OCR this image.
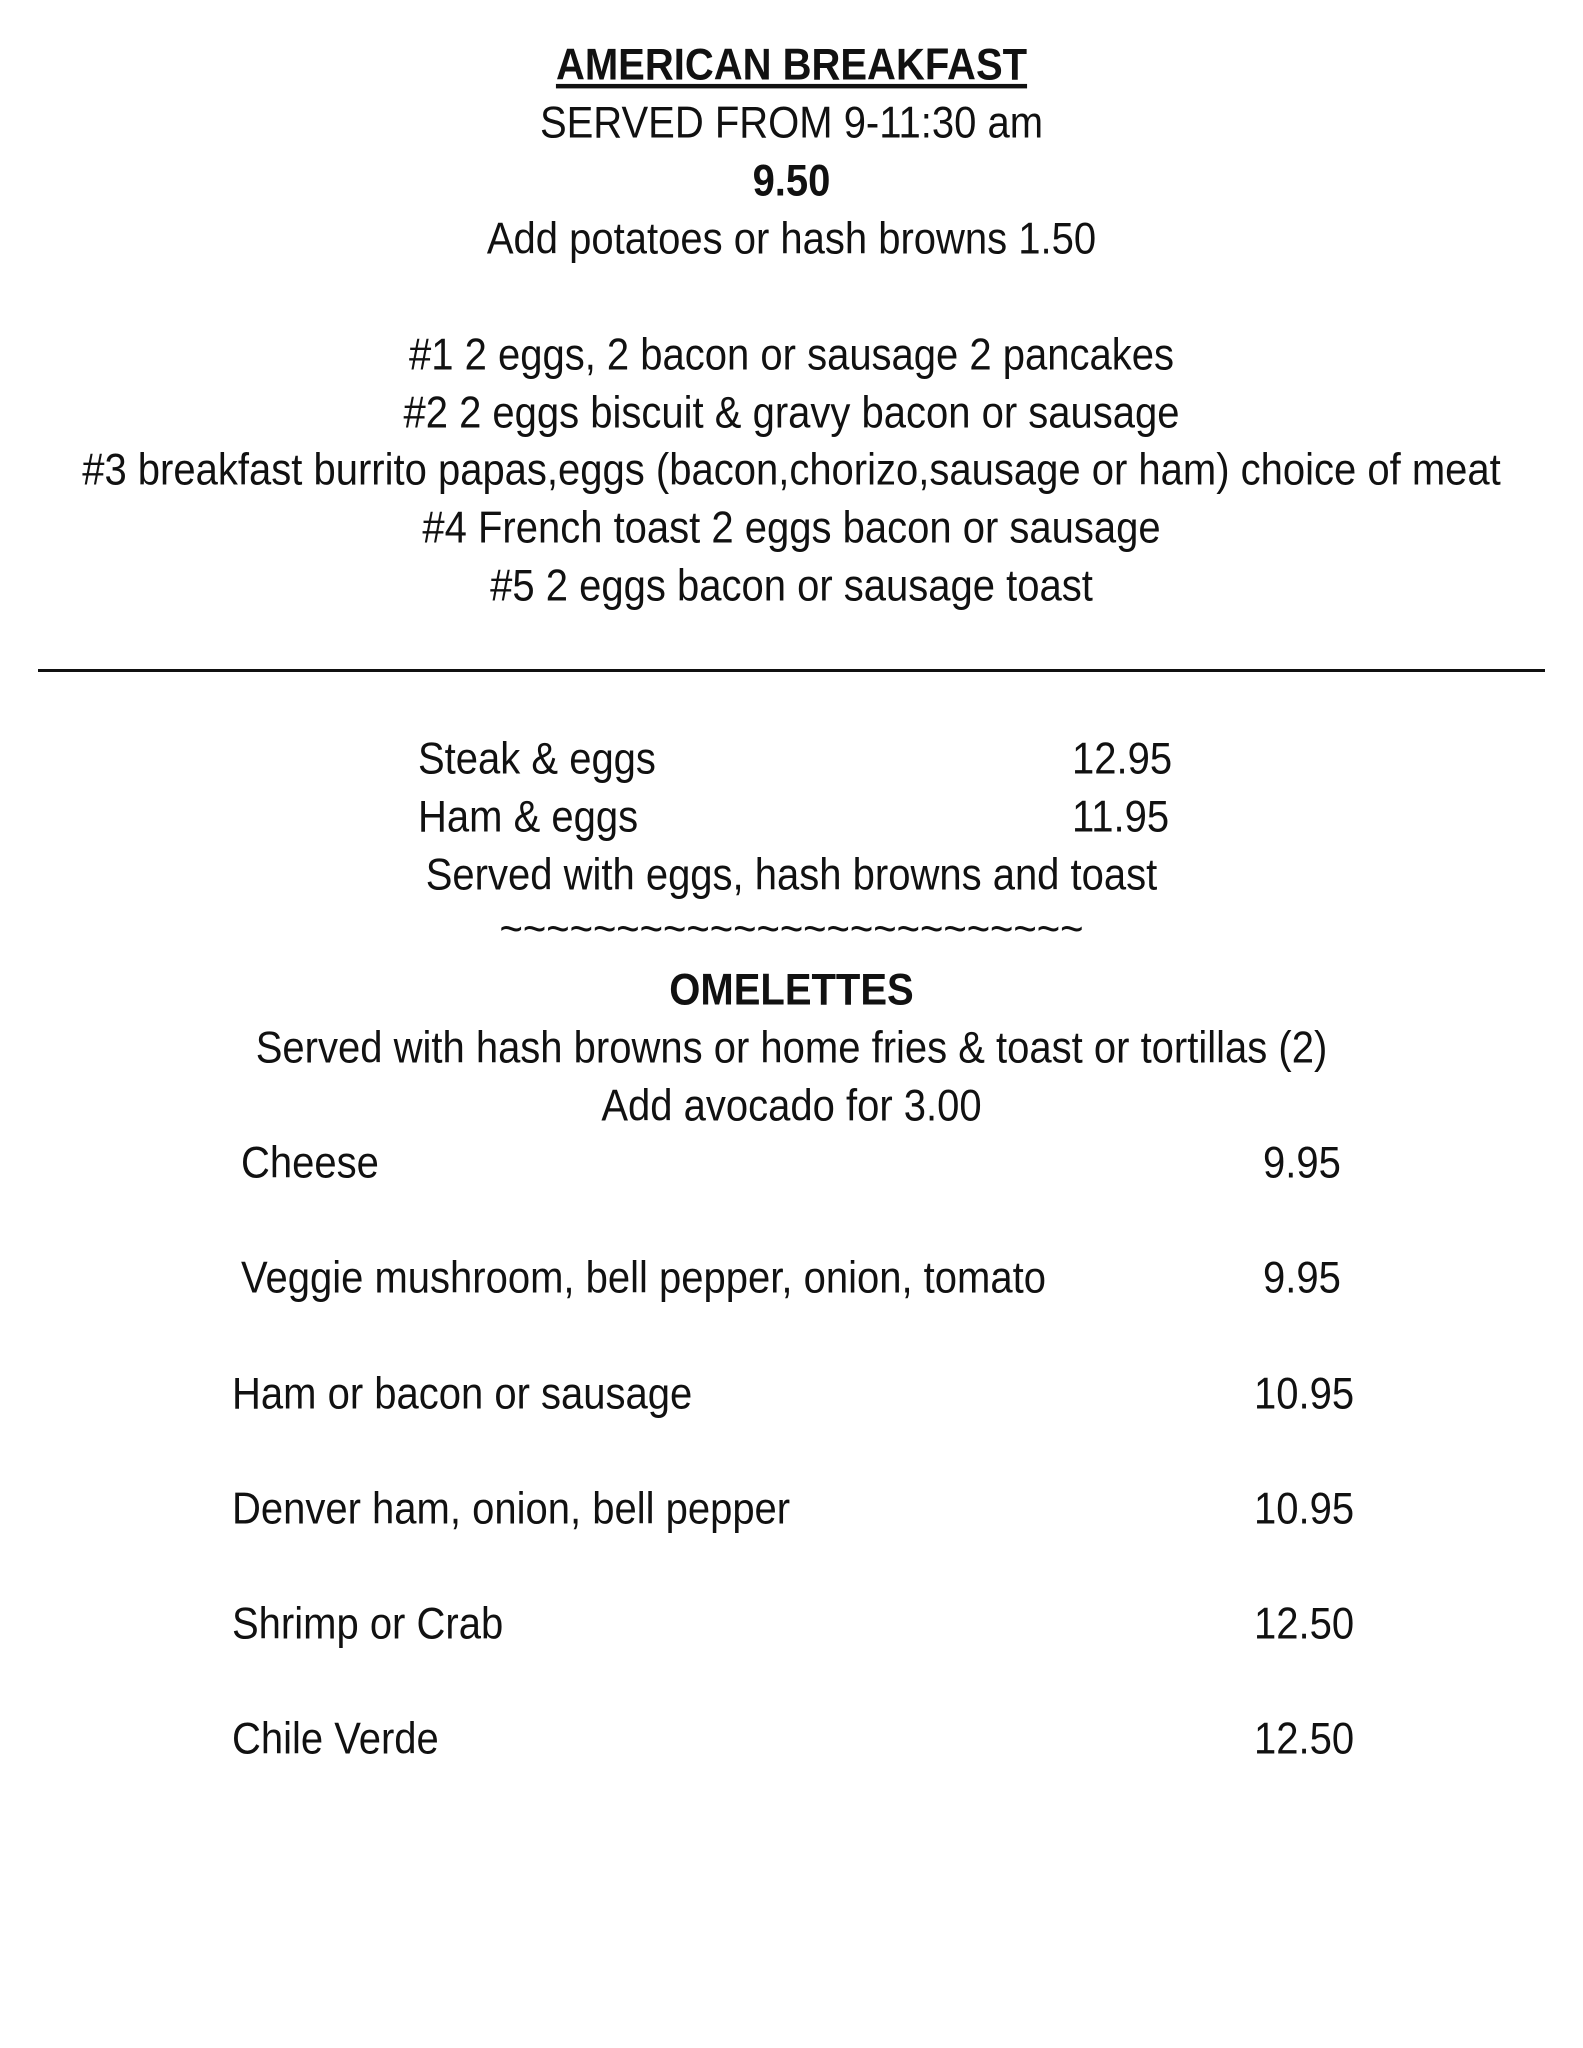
AMERICAN BREAKFAST
SERVED FROM 9-11:30 am
9.50
Add potatoes or hash browns 1.50
#1 2 eggs, 2 bacon or sausage 2 pancakes
#2 2 eggs biscuit & gravy bacon or sausage
#3 breakfast burrito papas,eggs (bacon,chorizo,sausage or ham) choice of meat
#4 French toast 2 eggs bacon or sausage
#5 2 eggs bacon or sausage toast
Steak & eggs	12.95
Ham & eggs	11.95
Served with eggs, hash browns and toast
~~~~~~~~~~~~~~~~~~~~~~~~~
OMELETTES
Served with hash browns or home fries & toast or tortillas (2)
Add avocado for 3.00
Cheese	9.95
Veggie mushroom, bell pepper, onion, tomato	9.95
Ham or bacon or sausage	10.95
Denver ham, onion, bell pepper	10.95
Shrimp or Crab	12.50
Chile Verde	12.50
